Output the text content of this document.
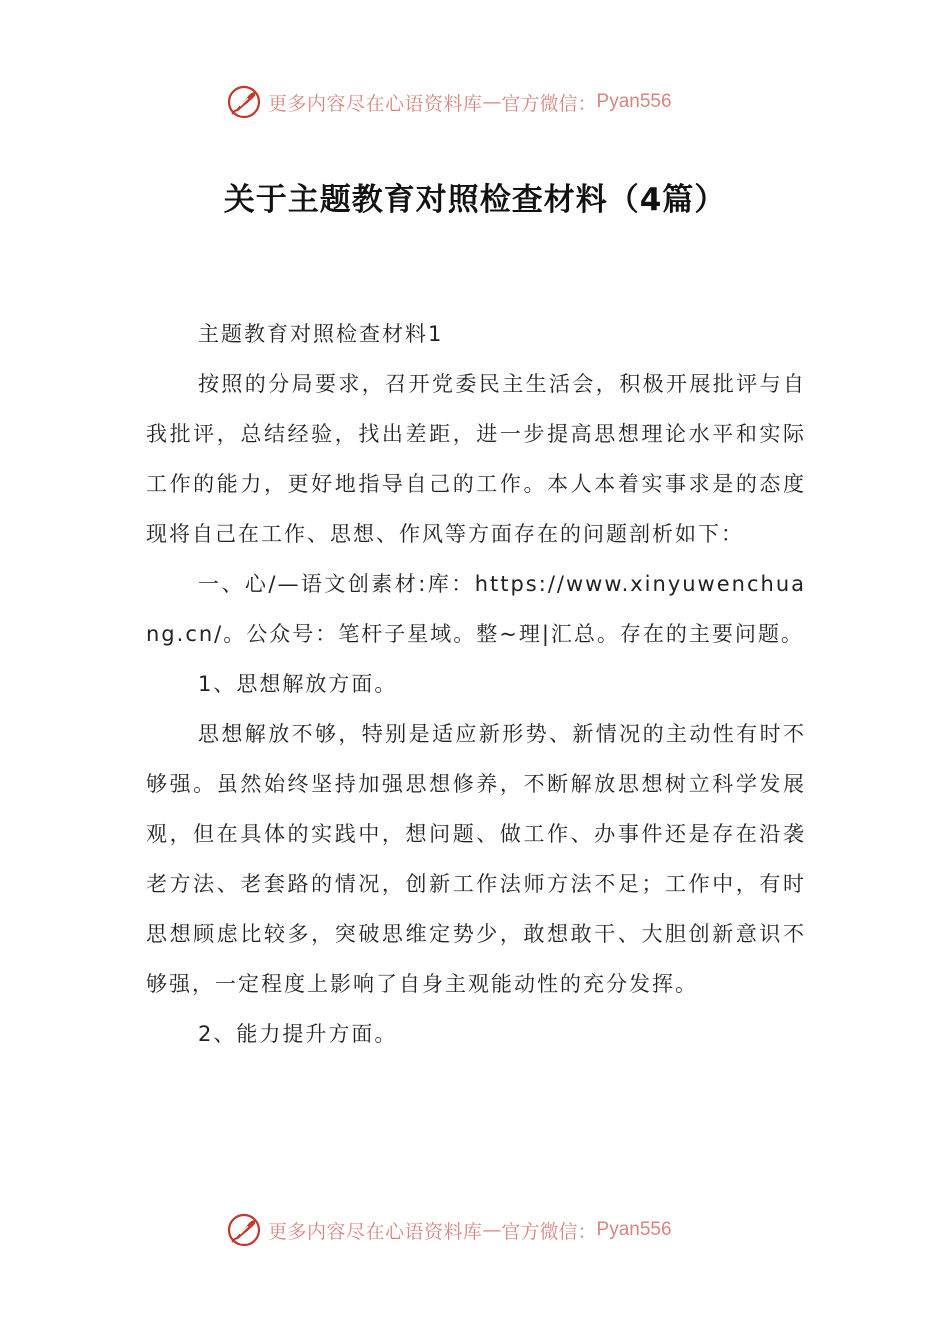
更多内容尽在心语资料库 — 官方微信： Pyan556
关于主题教育对照检查材料（4篇）

主题教育对照检查材料1

按照的分局要求，召开党委民主生活会，积极开展批评与自我批评，总结经验，找出差距，进一步提高思想理论水平和实际工作的能力，更好地指导自己的工作。本人本着实事求是的态度现将自己在工作、思想、作风等方面存在的问题剖析如下：

一、心/—语文创素材:库：https://www.xinyuwenchuang.cn/。公众号：笔杆子星域。整~理|汇总。存在的主要问题。

1、思想解放方面。

思想解放不够，特别是适应新形势、新情况的主动性有时不够强。虽然始终坚持加强思想修养，不断解放思想树立科学发展观，但在具体的实践中，想问题、做工作、办事件还是存在沿袭老方法、老套路的情况，创新工作法师方法不足；工作中，有时思想顾虑比较多，突破思维定势少，敢想敢干、大胆创新意识不够强，一定程度上影响了自身主观能动性的充分发挥。

2、能力提升方面。

更多内容尽在心语资料库 — 官方微信： Pyan556
